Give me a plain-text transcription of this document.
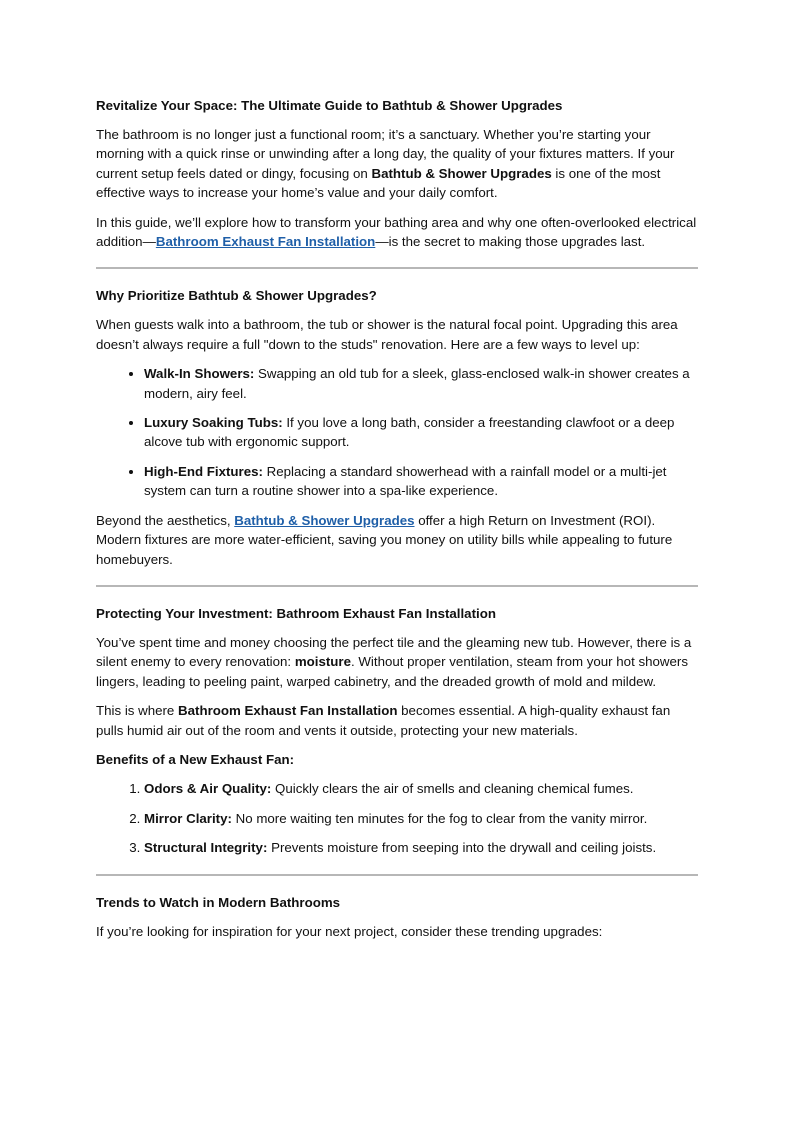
Revitalize Your Space: The Ultimate Guide to Bathtub & Shower Upgrades

The bathroom is no longer just a functional room; it’s a sanctuary. Whether you’re starting your morning with a quick rinse or unwinding after a long day, the quality of your fixtures matters. If your current setup feels dated or dingy, focusing on Bathtub & Shower Upgrades is one of the most effective ways to increase your home’s value and your daily comfort.

In this guide, we’ll explore how to transform your bathing area and why one often-overlooked electrical addition—Bathroom Exhaust Fan Installation—is the secret to making those upgrades last.

Why Prioritize Bathtub & Shower Upgrades?

When guests walk into a bathroom, the tub or shower is the natural focal point. Upgrading this area doesn’t always require a full "down to the studs" renovation. Here are a few ways to level up:

• Walk-In Showers: Swapping an old tub for a sleek, glass-enclosed walk-in shower creates a modern, airy feel.
• Luxury Soaking Tubs: If you love a long bath, consider a freestanding clawfoot or a deep alcove tub with ergonomic support.
• High-End Fixtures: Replacing a standard showerhead with a rainfall model or a multi-jet system can turn a routine shower into a spa-like experience.

Beyond the aesthetics, Bathtub & Shower Upgrades offer a high Return on Investment (ROI). Modern fixtures are more water-efficient, saving you money on utility bills while appealing to future homebuyers.

Protecting Your Investment: Bathroom Exhaust Fan Installation

You’ve spent time and money choosing the perfect tile and the gleaming new tub. However, there is a silent enemy to every renovation: moisture. Without proper ventilation, steam from your hot showers lingers, leading to peeling paint, warped cabinetry, and the dreaded growth of mold and mildew.

This is where Bathroom Exhaust Fan Installation becomes essential. A high-quality exhaust fan pulls humid air out of the room and vents it outside, protecting your new materials.

Benefits of a New Exhaust Fan:

1. Odors & Air Quality: Quickly clears the air of smells and cleaning chemical fumes.
2. Mirror Clarity: No more waiting ten minutes for the fog to clear from the vanity mirror.
3. Structural Integrity: Prevents moisture from seeping into the drywall and ceiling joists.
Trends to Watch in Modern Bathrooms

If you’re looking for inspiration for your next project, consider these trending upgrades:
